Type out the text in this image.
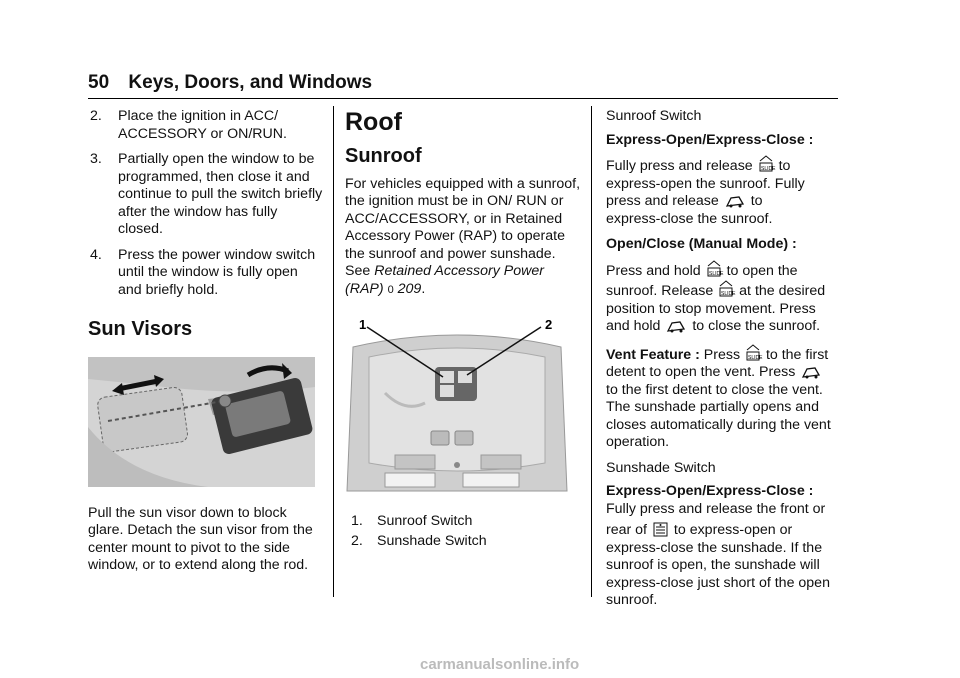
50 Keys, Doors, and Windows
2. Place the ignition in ACC/ ACCESSORY or ON/RUN.
3. Partially open the window to be programmed, then close it and continue to pull the switch briefly after the window has fully closed.
4. Press the power window switch until the window is fully open and briefly hold.
Sun Visors

Pull the sun visor down to block glare. Detach the sun visor from the center mount to pivot to the side window, or to extend along the rod.

Roof
Sunroof

For vehicles equipped with a sunroof, the ignition must be in ON/ RUN or ACC/ACCESSORY, or in Retained Accessory Power (RAP) to operate the sunroof and power sunshade. See Retained Accessory Power (RAP) 0 209.

1	2
1. Sunroof Switch
2. Sunshade Switch

Sunroof Switch

Express-Open/Express-Close :

Fully press and release SLIDE to
express-open the sunroof. Fully
press and release to
express-close the sunroof.

Open/Close (Manual Mode) :

Press and hold SLIDE to open the
sunroof. Release SLIDE at the desired
position to stop movement. Press
and hold to close the sunroof.
Vent Feature : Press SLIDE to the first
detent to open the vent. Press
to the first detent to close the vent. The sunshade partially opens and closes automatically during the vent operation.

Sunshade Switch

Express-Open/Express-Close :

Fully press and release the front or
rear of to express-open or express-close the sunshade. If the sunroof is open, the sunshade will express-close just short of the open sunroof.
carmanualsonline.info
